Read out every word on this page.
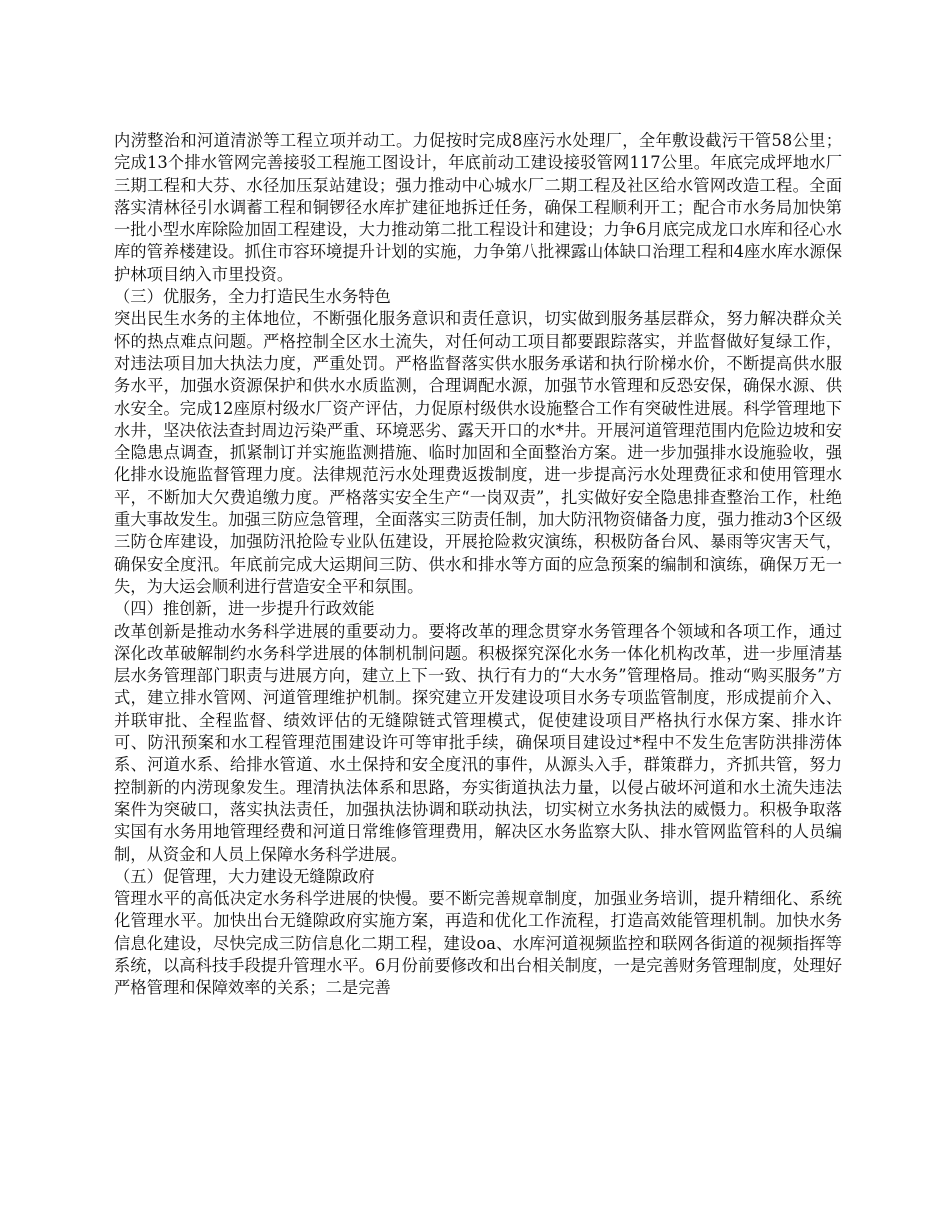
内涝整治和河道清淤等工程立项并动工。力促按时完成8座污水处理厂，全年敷设截污干管58公里；完成13个排水管网完善接驳工程施工图设计，年底前动工建设接驳管网117公里。年底完成坪地水厂三期工程和大芬、水径加压泵站建设；强力推动中心城水厂二期工程及社区给水管网改造工程。全面落实清林径引水调蓄工程和铜锣径水库扩建征地拆迁任务，确保工程顺利开工；配合市水务局加快第一批小型水库除险加固工程建设，大力推动第二批工程设计和建设；力争6月底完成龙口水库和径心水库的管养楼建设。抓住市容环境提升计划的实施，力争第八批裸露山体缺口治理工程和4座水库水源保护林项目纳入市里投资。

（三）优服务，全力打造民生水务特色

突出民生水务的主体地位，不断强化服务意识和责任意识，切实做到服务基层群众，努力解决群众关怀的热点难点问题。严格控制全区水土流失，对任何动工项目都要跟踪落实，并监督做好复绿工作，对违法项目加大执法力度，严重处罚。严格监督落实供水服务承诺和执行阶梯水价，不断提高供水服务水平，加强水资源保护和供水水质监测，合理调配水源，加强节水管理和反恐安保，确保水源、供水安全。完成12座原村级水厂资产评估，力促原村级供水设施整合工作有突破性进展。科学管理地下水井，坚决依法查封周边污染严重、环境恶劣、露天开口的水*井。开展河道管理范围内危险边坡和安全隐患点调查，抓紧制订并实施监测措施、临时加固和全面整治方案。进一步加强排水设施验收，强化排水设施监督管理力度。法律规范污水处理费返拨制度，进一步提高污水处理费征求和使用管理水平，不断加大欠费追缴力度。严格落实安全生产“一岗双责”，扎实做好安全隐患排查整治工作，杜绝重大事故发生。加强三防应急管理，全面落实三防责任制，加大防汛物资储备力度，强力推动3个区级三防仓库建设，加强防汛抢险专业队伍建设，开展抢险救灾演练，积极防备台风、暴雨等灾害天气，确保安全度汛。年底前完成大运期间三防、供水和排水等方面的应急预案的编制和演练，确保万无一失，为大运会顺利进行营造安全平和氛围。

（四）推创新，进一步提升行政效能

改革创新是推动水务科学进展的重要动力。要将改革的理念贯穿水务管理各个领域和各项工作，通过深化改革破解制约水务科学进展的体制机制问题。积极探究深化水务一体化机构改革，进一步厘清基层水务管理部门职责与进展方向，建立上下一致、执行有力的“大水务”管理格局。推动“购买服务”方式，建立排水管网、河道管理维护机制。探究建立开发建设项目水务专项监管制度，形成提前介入、并联审批、全程监督、绩效评估的无缝隙链式管理模式，促使建设项目严格执行水保方案、排水许可、防汛预案和水工程管理范围建设许可等审批手续，确保项目建设过*程中不发生危害防洪排涝体系、河道水系、给排水管道、水土保持和安全度汛的事件，从源头入手，群策群力，齐抓共管，努力控制新的内涝现象发生。理清执法体系和思路，夯实街道执法力量，以侵占破坏河道和水土流失违法案件为突破口，落实执法责任，加强执法协调和联动执法，切实树立水务执法的威慑力。积极争取落实国有水务用地管理经费和河道日常维修管理费用，解决区水务监察大队、排水管网监管科的人员编制，从资金和人员上保障水务科学进展。

（五）促管理，大力建设无缝隙政府

管理水平的高低决定水务科学进展的快慢。要不断完善规章制度，加强业务培训，提升精细化、系统化管理水平。加快出台无缝隙政府实施方案，再造和优化工作流程，打造高效能管理机制。加快水务信息化建设，尽快完成三防信息化二期工程，建设oa、水库河道视频监控和联网各街道的视频指挥等系统，以高科技手段提升管理水平。6月份前要修改和出台相关制度，一是完善财务管理制度，处理好严格管理和保障效率的关系；二是完善
